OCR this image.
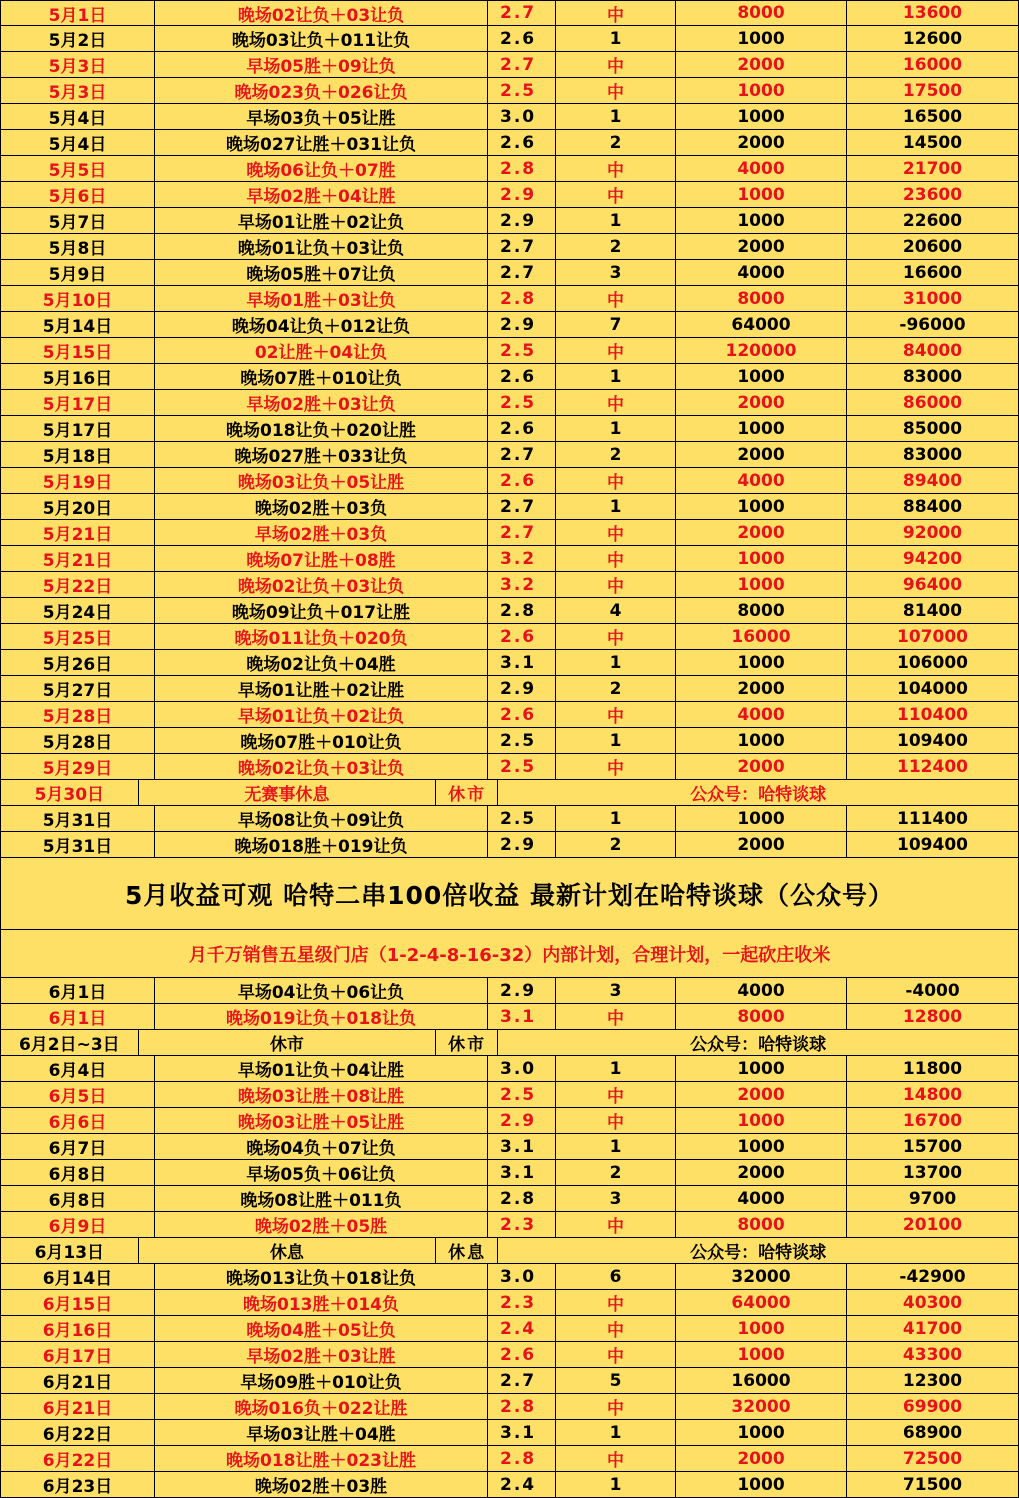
5月1日	晚场02让负＋03让负	2.7	中	8000	13600
5月2日	晚场03让负＋011让负	2.6	1	1000	12600
5月3日	早场05胜＋09让负	2.7	中	2000	16000
5月3日	晚场023负＋026让负	2.5	中	1000	17500
5月4日	早场03负＋05让胜	3.0	1	1000	16500
5月4日	晚场027让胜＋031让负	2.6	2	2000	14500
5月5日	晚场06让负＋07胜	2.8	中	4000	21700
5月6日	早场02胜＋04让胜	2.9	中	1000	23600
5月7日	早场01让胜＋02让负	2.9	1	1000	22600
5月8日	晚场01让负＋03让负	2.7	2	2000	20600
5月9日	晚场05胜＋07让负	2.7	3	4000	16600
5月10日	早场01胜＋03让负	2.8	中	8000	31000
5月14日	晚场04让负＋012让负	2.9	7	64000	-96000
5月15日	02让胜＋04让负	2.5	中	120000	84000
5月16日	晚场07胜＋010让负	2.6	1	1000	83000
5月17日	早场02胜＋03让负	2.5	中	2000	86000
5月17日	晚场018让负＋020让胜	2.6	1	1000	85000
5月18日	晚场027胜＋033让负	2.7	2	2000	83000
5月19日	晚场03让负＋05让胜	2.6	中	4000	89400
5月20日	晚场02胜＋03负	2.7	1	1000	88400
5月21日	早场02胜＋03负	2.7	中	2000	92000
5月21日	晚场07让胜＋08胜	3.2	中	1000	94200
5月22日	晚场02让负＋03让负	3.2	中	1000	96400
5月24日	晚场09让负＋017让胜	2.8	4	8000	81400
5月25日	晚场011让负＋020负	2.6	中	16000	107000
5月26日	晚场02让负＋04胜	3.1	1	1000	106000
5月27日	早场01让胜＋02让胜	2.9	2	2000	104000
5月28日	早场01让负＋02让负	2.6	中	4000	110400
5月28日	晚场07胜＋010让负	2.5	1	1000	109400
5月29日	晚场02让负＋03让负	2.5	中	2000	112400
5月30日	无赛事休息	休市	公众号：哈特谈球
5月31日	早场08让负＋09让负	2.5	1	1000	111400
5月31日	晚场018胜＋019让负	2.9	2	2000	109400
5月收益可观 哈特二串100倍收益 最新计划在哈特谈球（公众号）
月千万销售五星级门店（1-2-4-8-16-32）内部计划，合理计划，一起砍庄收米
6月1日	早场04让负＋06让负	2.9	3	4000	-4000
6月1日	晚场019让负＋018让负	3.1	中	8000	12800
6月2日~3日	休市	休市	公众号：哈特谈球
6月4日	早场01让负＋04让胜	3.0	1	1000	11800
6月5日	晚场03让胜＋08让胜	2.5	中	2000	14800
6月6日	晚场03让胜＋05让胜	2.9	中	1000	16700
6月7日	晚场04负＋07让负	3.1	1	1000	15700
6月8日	早场05负＋06让负	3.1	2	2000	13700
6月8日	晚场08让胜＋011负	2.8	3	4000	9700
6月9日	晚场02胜＋05胜	2.3	中	8000	20100
6月13日	休息	休息	公众号：哈特谈球
6月14日	晚场013让负＋018让负	3.0	6	32000	-42900
6月15日	晚场013胜＋014负	2.3	中	64000	40300
6月16日	晚场04胜＋05让负	2.4	中	1000	41700
6月17日	早场02胜＋03让胜	2.6	中	1000	43300
6月21日	早场09胜＋010让负	2.7	5	16000	12300
6月21日	晚场016负＋022让胜	2.8	中	32000	69900
6月22日	早场03让胜＋04胜	3.1	1	1000	68900
6月22日	晚场018让胜＋023让胜	2.8	中	2000	72500
6月23日	晚场02胜＋03胜	2.4	1	1000	71500
